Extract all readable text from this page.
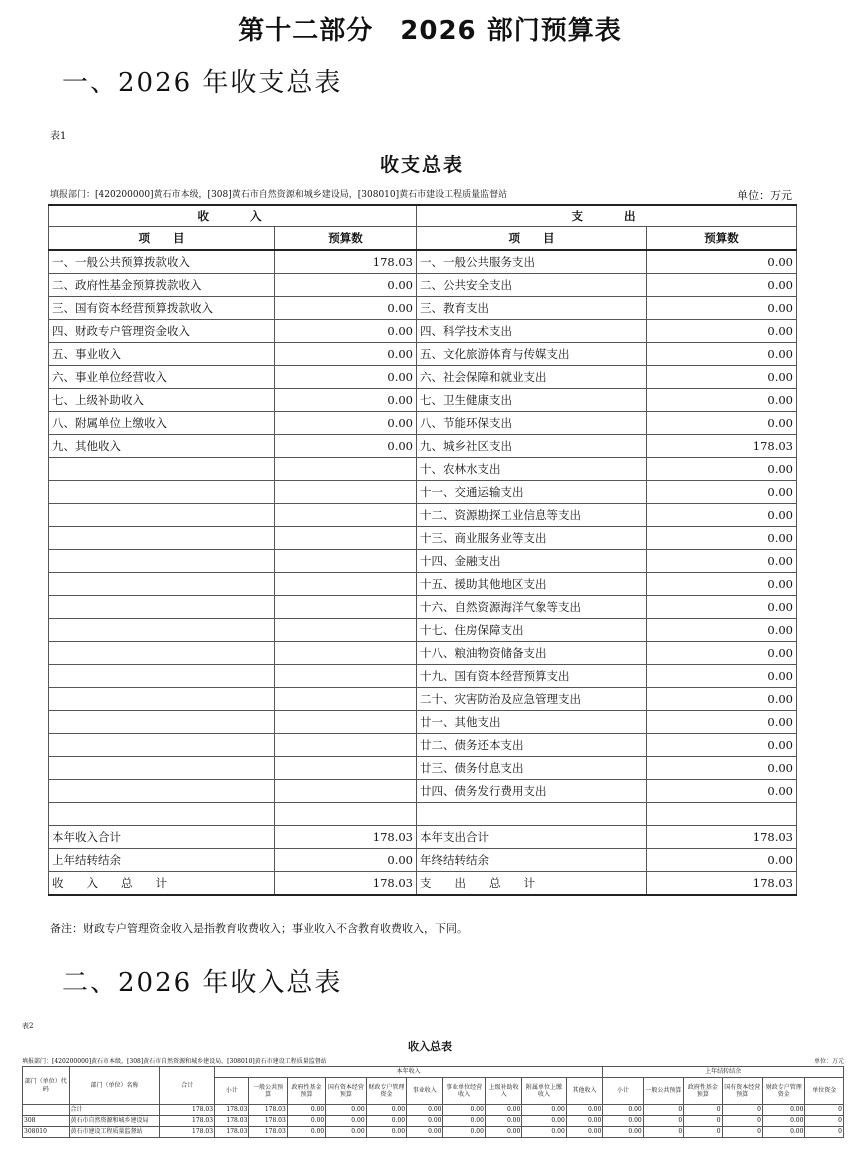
第十二部分　2026 部门预算表
一、2026 年收支总表
表1
收支总表
填报部门：[420200000]黄石市本级，[308]黄石市自然资源和城乡建设局，[308010]黄石市建设工程质量监督站	单位：万元
收　　入		支　　出	
项　　目	预算数	项　　目	预算数
一、一般公共预算拨款收入	178.03	一、一般公共服务支出	0.00
二、政府性基金预算拨款收入	0.00	二、公共安全支出	0.00
三、国有资本经营预算拨款收入	0.00	三、教育支出	0.00
四、财政专户管理资金收入	0.00	四、科学技术支出	0.00
五、事业收入	0.00	五、文化旅游体育与传媒支出	0.00
六、事业单位经营收入	0.00	六、社会保障和就业支出	0.00
七、上级补助收入	0.00	七、卫生健康支出	0.00
八、附属单位上缴收入	0.00	八、节能环保支出	0.00
九、其他收入	0.00	九、城乡社区支出	178.03
		十、农林水支出	0.00
		十一、交通运输支出	0.00
		十二、资源勘探工业信息等支出	0.00
		十三、商业服务业等支出	0.00
		十四、金融支出	0.00
		十五、援助其他地区支出	0.00
		十六、自然资源海洋气象等支出	0.00
		十七、住房保障支出	0.00
		十八、粮油物资储备支出	0.00
		十九、国有资本经营预算支出	0.00
		二十、灾害防治及应急管理支出	0.00
		廿一、其他支出	0.00
		廿二、债务还本支出	0.00
		廿三、债务付息支出	0.00
		廿四、债务发行费用支出	0.00

本年收入合计	178.03	本年支出合计	178.03
上年结转结余	0.00	年终结转结余	0.00
收　　入　　总　　计	178.03	支　　出　　总　　计	178.03
备注：财政专户管理资金收入是指教育收费收入；事业收入不含教育收费收入，下同。
二、2026 年收入总表
表2
收入总表
填报部门：[420200000]黄石市本级，[308]黄石市自然资源和城乡建设局，[308010]黄石市建设工程质量监督站	单位：万元
部门（单位）代码	部门（单位）名称	合计	本年收入										上年结转结余					
			小计	一般公共预算	政府性基金预算	国有资本经营预算	财政专户管理资金	事业收入	事业单位经营收入	上级补助收入	附属单位上缴收入	其他收入	小计	一般公共预算	政府性基金预算	国有资本经营预算	财政专户管理资金	单位资金
	合计	178.03	178.03	178.03	0.00	0.00	0.00	0.00	0.00	0.00	0.00	0.00	0.00	0	0	0	0.00	0
308	黄石市自然资源和城乡建设局	178.03	178.03	178.03	0.00	0.00	0.00	0.00	0.00	0.00	0.00	0.00	0.00	0	0	0	0.00	0
308010	黄石市建设工程质量监督站	178.03	178.03	178.03	0.00	0.00	0.00	0.00	0.00	0.00	0.00	0.00	0.00	0	0	0	0.00	0
